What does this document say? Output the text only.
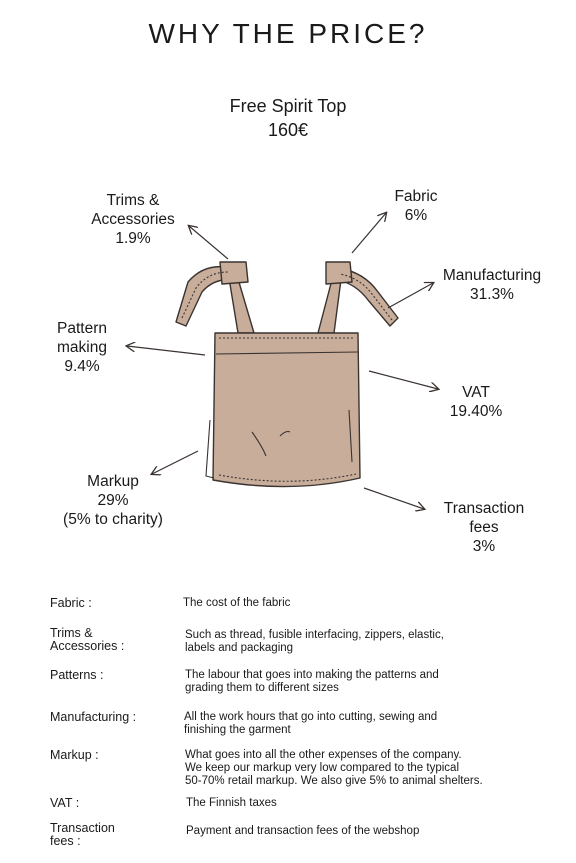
WHY THE PRICE?
Free Spirit Top
160€
Trims &
Accessories
1.9%
Fabric
6%
Manufacturing
31.3%
Pattern
making
9.4%
VAT
19.40%
Markup
29%
(5% to charity)
Transaction
fees
3%
Fabric :	The cost of the fabric
Trims &
Accessories :
Such as thread, fusible interfacing, zippers, elastic,
labels and packaging
Patterns :	The labour that goes into making the patterns and
grading them to different sizes
Manufacturing :	All the work hours that go into cutting, sewing and
finishing the garment
Markup :	What goes into all the other expenses of the company.
We keep our markup very low compared to the typical
50-70% retail markup. We also give 5% to animal shelters.
VAT :	The Finnish taxes
Transaction
fees :
Payment and transaction fees of the webshop
